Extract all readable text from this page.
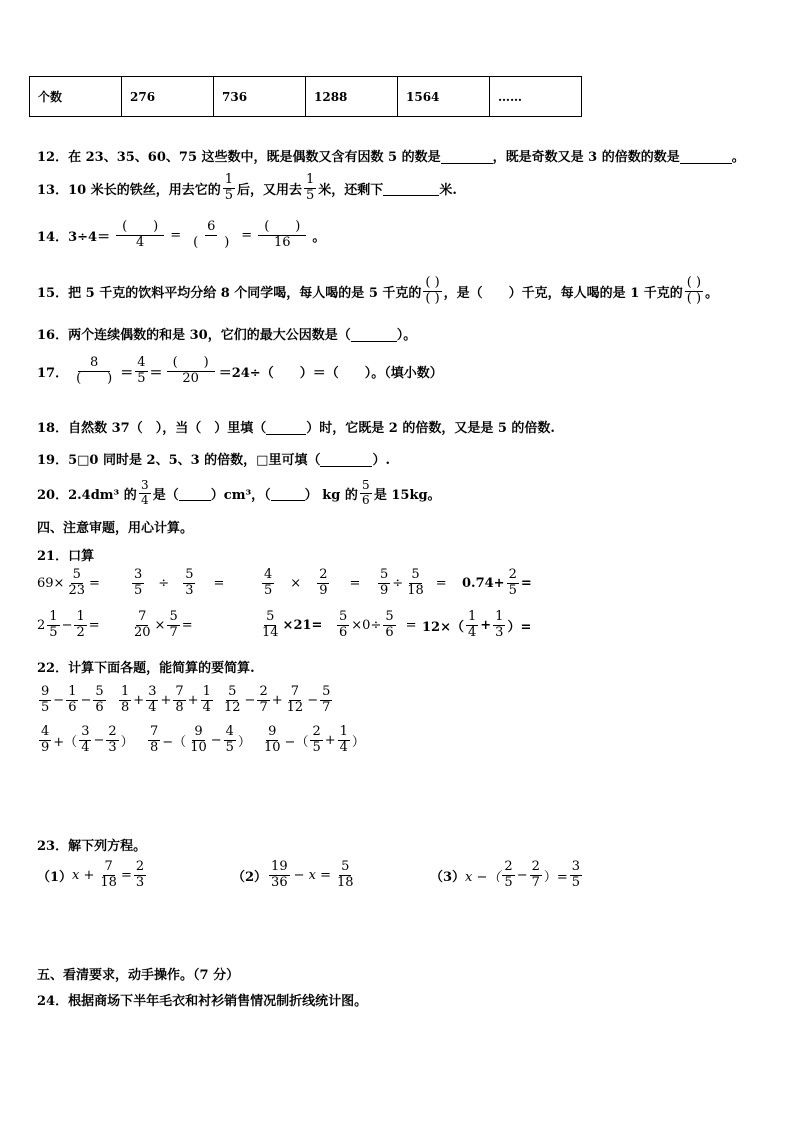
个数	276	736	1288	1564	……
12． 在 23、35、60、75 这些数中，既是偶数又含有因数 5 的数是
	，既是奇数又是 3 的倍数的数是
	。
13． 10 米长的铁丝，用去它的 $\frac{1}{5}$ 后，又用去 $\frac{1}{5}$ 米，还剩下
	米.
14． 3÷4＝
(　　)
4 =
6
(　　) =
(　　)
16 。
15． 把 5 千克的饮料平均分给 8 个同学喝，每人喝的是 5 千克的
( )
( ) ，是（　　）千克，每人喝的是 1 千克的
( )
( ) 。
16． 两个连续偶数的和是 30，它们的最大公因数是（
	）。
17．
8
(　　) ＝ $\frac{4}{5}$ ＝
(　　)
20 ＝24÷（　　）＝（　　）。（填小数）
18． 自然数 37（　），当（　）里填（
	）时，它既是 2 的倍数，又是是 5 的倍数.
19． 5□0 同时是 2、5、3 的倍数，□里可填（
	）.
20． 2.4dm³ 的 $\frac{3}{4}$ 是（
）cm³，（
	） kg 的 $\frac{5}{6}$ 是 15kg。
四、注意审题，用心计算。
21．口算
$69\times \frac{5}{23} = \frac{3}{5} \div \frac{5}{3}$ =	$\frac{4}{5} \times \frac{2}{9} = \frac{5}{9} \div \frac{5}{18} = 0.74+ \frac{2}{5}$ =
$2 \frac{1}{5} - \frac{1}{2} = \frac{7}{20} \times \frac{5}{7}$ =	$\frac{5}{14} \times 21= \frac{5}{6} \times 0\div \frac{5}{6} = 12\times( \frac{1}{4} + \frac{1}{3}$ ）=
22．计算下面各题，能简算的要简算.
$\frac{9}{5} - \frac{1}{6} - \frac{5}{6} \frac{1}{8} + \frac{3}{4} + \frac{7}{8} + \frac{1}{4} \frac{5}{12} - \frac{2}{7} + \frac{7}{12} - \frac{5}{7}$
$\frac{4}{9}$ +（ $\frac{3}{4} - \frac{2}{3}$ ） $\frac{7}{8}$ −（ $\frac{9}{10} - \frac{4}{5}$ ） $\frac{9}{10}$ −（ $\frac{2}{5} + \frac{1}{4}$ ）
23．解下列方程。
（1） $x + \frac{7}{18} = \frac{2}{3}$	$(2) \frac{19}{36} - x = \frac{5}{18}$	（3） x −（ $\frac{2}{5} - \frac{2}{7}$ ）= $\frac{3}{5}$
五、看清要求，动手操作。（7 分）
24．根据商场下半年毛衣和衬衫销售情况制折线统计图。
